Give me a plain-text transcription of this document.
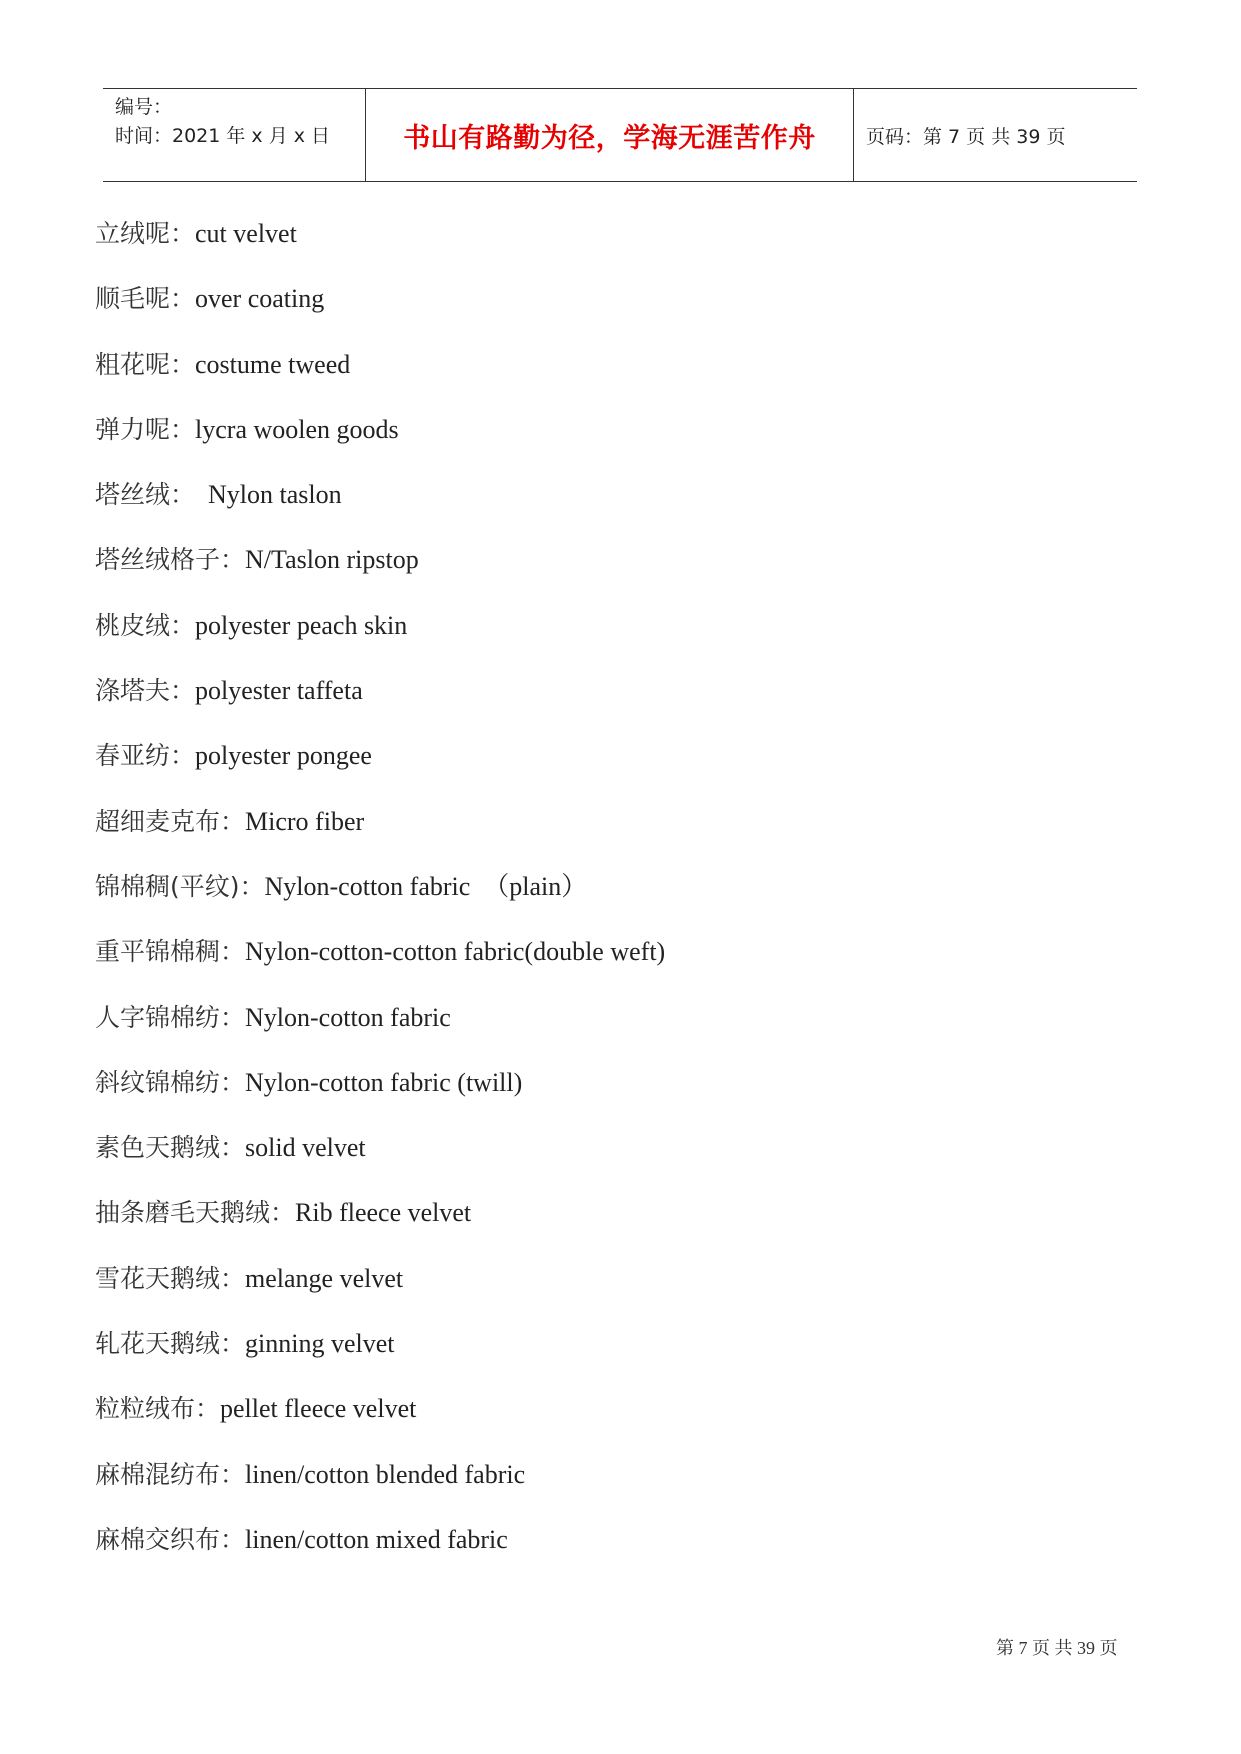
编号：
时间：2021 年 x 月 x 日	书山有路勤为径，学海无涯苦作舟	页码：第 7 页 共 39 页
立绒呢： cut velvet
顺毛呢： over coating
粗花呢： costume tweed
弹力呢： lycra woolen goods
塔丝绒： Nylon taslon
塔丝绒格子： N/Taslon ripstop
桃皮绒： polyester peach skin
涤塔夫： polyester taffeta
春亚纺： polyester pongee
超细麦克布： Micro fiber
锦棉稠(平纹)： Nylon-cotton fabric  （plain）
重平锦棉稠： Nylon-cotton-cotton fabric(double weft)
人字锦棉纺： Nylon-cotton fabric
斜纹锦棉纺： Nylon-cotton fabric (twill)
素色天鹅绒： solid velvet
抽条磨毛天鹅绒： Rib fleece velvet
雪花天鹅绒： melange velvet
轧花天鹅绒： ginning velvet
粒粒绒布： pellet fleece velvet
麻棉混纺布： linen/cotton blended fabric
麻棉交织布： linen/cotton mixed fabric
第 7 页 共 39 页
